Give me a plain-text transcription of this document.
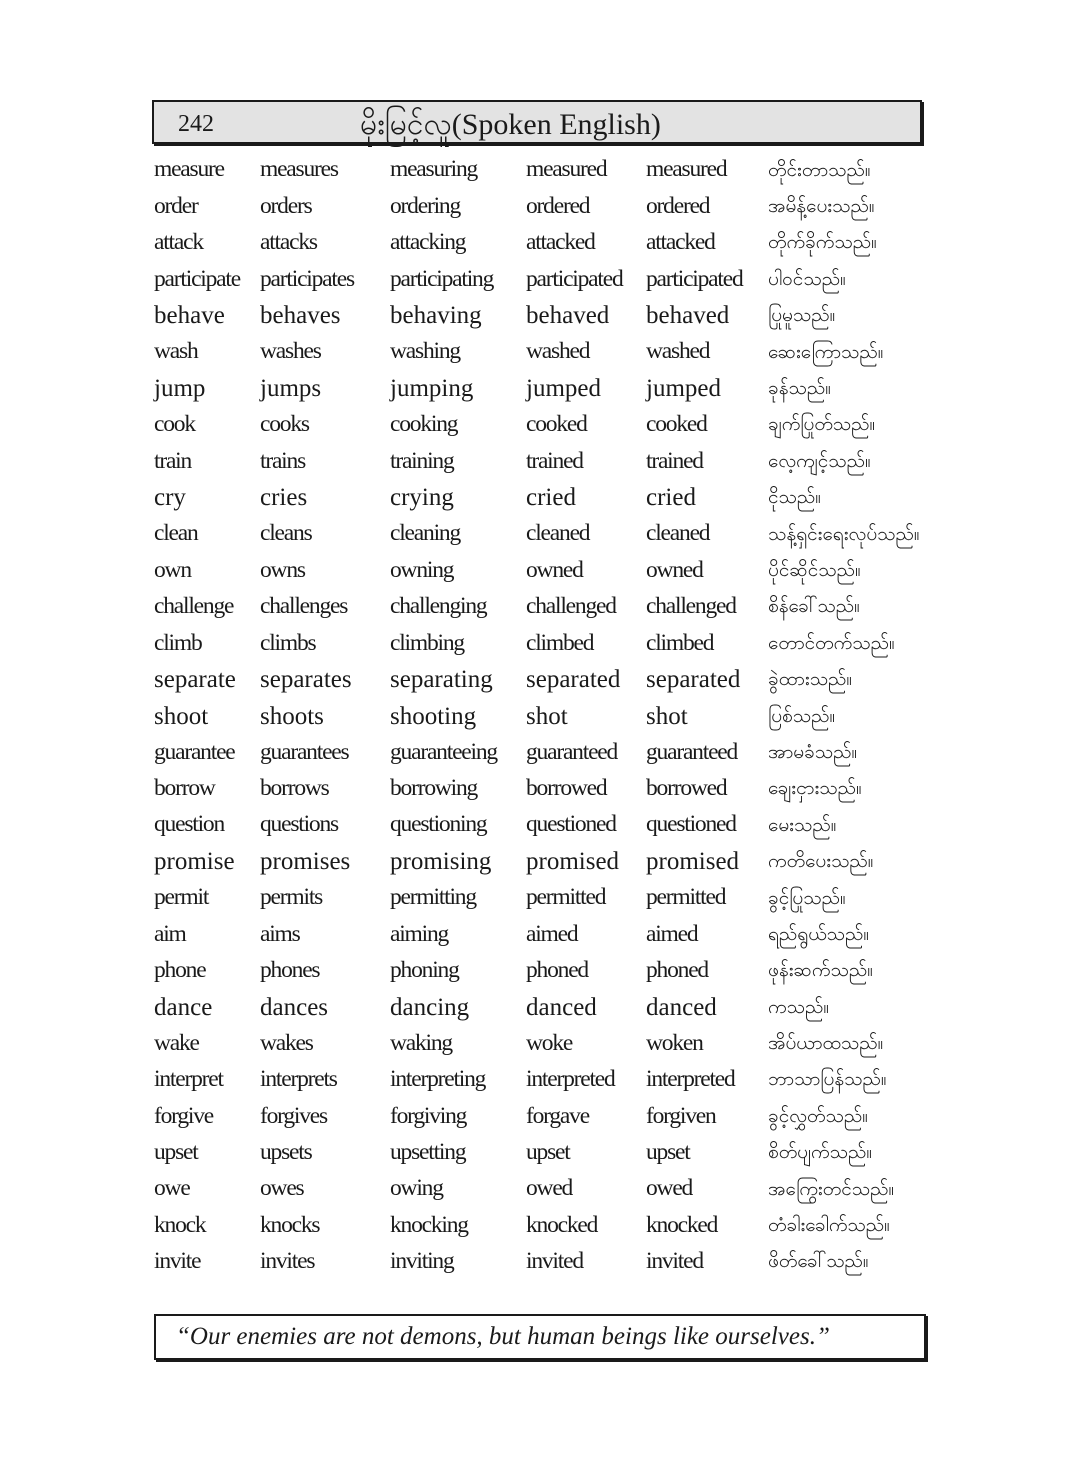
242	မိုးမြင့်လူ(Spoken English)
measure	measures	measuring	measured	measured	တိုင်းတာသည်။
order	orders	ordering	ordered	ordered	အမိန့်ပေးသည်။
attack	attacks	attacking	attacked	attacked	တိုက်ခိုက်သည်။
participate	participates	participating	participated	participated	ပါဝင်သည်။
behave	behaves	behaving	behaved	behaved	ပြုမူသည်။
wash	washes	washing	washed	washed	ဆေးကြောသည်။
jump	jumps	jumping	jumped	jumped	ခုန်သည်။
cook	cooks	cooking	cooked	cooked	ချက်ပြုတ်သည်။
train	trains	training	trained	trained	လေ့ကျင့်သည်။
cry	cries	crying	cried	cried	ငိုသည်။
clean	cleans	cleaning	cleaned	cleaned	သန့်ရှင်းရေးလုပ်သည်။
own	owns	owning	owned	owned	ပိုင်ဆိုင်သည်။
challenge	challenges	challenging	challenged	challenged	စိန်ခေါ်သည်။
climb	climbs	climbing	climbed	climbed	တောင်တက်သည်။
separate	separates	separating	separated	separated	ခွဲထားသည်။
shoot	shoots	shooting	shot	shot	ပြစ်သည်။
guarantee	guarantees	guaranteeing	guaranteed	guaranteed	အာမခံသည်။
borrow	borrows	borrowing	borrowed	borrowed	ချေးငှားသည်။
question	questions	questioning	questioned	questioned	မေးသည်။
promise	promises	promising	promised	promised	ကတိပေးသည်။
permit	permits	permitting	permitted	permitted	ခွင့်ပြုသည်။
aim	aims	aiming	aimed	aimed	ရည်ရွယ်သည်။
phone	phones	phoning	phoned	phoned	ဖုန်းဆက်သည်။
dance	dances	dancing	danced	danced	ကသည်။
wake	wakes	waking	woke	woken	အိပ်ယာထသည်။
interpret	interprets	interpreting	interpreted	interpreted	ဘာသာပြန်သည်။
forgive	forgives	forgiving	forgave	forgiven	ခွင့်လွှတ်သည်။
upset	upsets	upsetting	upset	upset	စိတ်ပျက်သည်။
owe	owes	owing	owed	owed	အကြွေးတင်သည်။
knock	knocks	knocking	knocked	knocked	တံခါးခေါက်သည်။
invite	invites	inviting	invited	invited	ဖိတ်ခေါ်သည်။
“Our enemies are not demons, but human beings like ourselves.”
